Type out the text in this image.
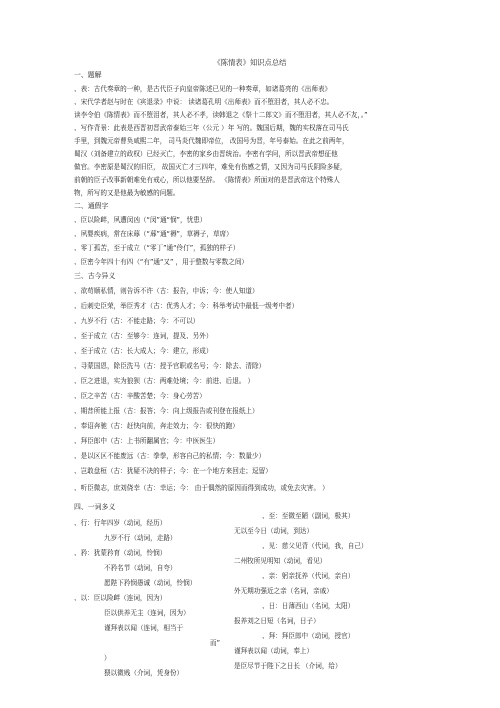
《陈情表》知识点总结
一、题解
、表：古代奏章的一种，是古代臣子向皇帝陈述已见的一种奏章，如诸葛亮的《出师表》
、宋代学者赵与时在《宾退录》中说： 读诸葛孔明《出师表》而不堕泪者，其人必不忠。
读李令伯《陈情表》而不堕泪者，其人必不孝，读韩退之《祭十二郎文》而不堕泪者，其人必不友，。”
、写作背景：此表是西晋初晋武帝泰始三年（公元 ）年 写的。魏国后期，魏的实权落在司马氏
手里，到魏元帝曹奂咸熙二年， 司马炎代魏即帝位， 改国号为晋，年号泰始。在此之前两年，
蜀汉（刘备建立的政权）已经灭亡，李密的家乡由晋统治。李密有学问，所以晋武帝想征他
做官。李密原是蜀汉的旧臣， 故国灭亡才三四年，难免有伤感之情，又因为司马氏阴险多疑，
前朝的臣子改事新朝难免有戒心，所以他要坚辞。 《陈情表》所面对的是晋武帝这个特殊人
物，所写的又是他最为敏感的问题。
二、通假字
、臣以险衅，夙遭闵凶（“闵”通“悯”，忧患）
、夙婴疾病，常在床蓐（“蓐”通“褥”，草褥子，草席）
、零丁孤苦，至于成立（“零丁”通“伶仃”，孤独的样子）
、臣密今年四十有四（“有”通“又” ，用于整数与零数之间）
三、古今异义
、欲苟顺私情，则告诉不许（古：报告，申诉；今：使人知道）
、后刺史臣荣，举臣秀才（古：优秀人才；今：科举考试中最低一级考中者）
、九岁不行（古：不能走路；今：不可以）
、至于成立（古：至够今：连词，提及、另外）
、至于成立（古：长大成人；今：建立，形成）
、寻蒙国恩，除臣洗马（古：授予官职或名号；今：除去、清除）
、臣之进退，实为狼狈（古：两难处境；今：前进、后退。 ）
、臣之辛苦（古：辛酸苦楚；今：身心劳苦）
、期昔所能上报（古：报答；今：向上级报告或刊登在报纸上）
、奉诏奔驰（古：赶快向前，奔走效力；今：很快的跑）
、拜臣郎中（古：上书所翻属官；今：中医医生）
、是以区区不能废远（古：拳拳，形容自己的私情；今：数量少）
、岂敢盘桓（古：犹疑不决的样子；今：在一个地方来回走；逗留）
、听臣微志，庶刘侥幸（古：幸运；今： 由于偶然的原因而得到成功，或免去灾害。 ）
四、一词多义
、行：行年四岁（动词，经历）
九岁不行（动词，走路）
、矜：犹蒙矜育（动词，怜悯）
不矜名节（动词，自夸）
愿陛下矜悯愚诚（动词，怜悯）
、以：臣以险衅（连词，因为）
臣以供养无主（连词，因为）
谨拜表以闻（连词，相当于
而”
）
猥以微贱（介词，凭身份）
、至：至微至陋（副词，极其）
无以至今日（动词，到达）
、见：慈父见背（代词，我，自己）
二州牧所见明知（动词，看见）
、亲：躬亲抚养（代词，亲自）
外无期功强近之亲（名词，亲戚）
、日：日薄西山（名词，太阳）
报养刘之日短（名词，日子）
、拜：拜臣郎中（动词，授官）
谨拜表以闻（动词，奉上）
是臣尽节于陛下之日长 （介词，给）
